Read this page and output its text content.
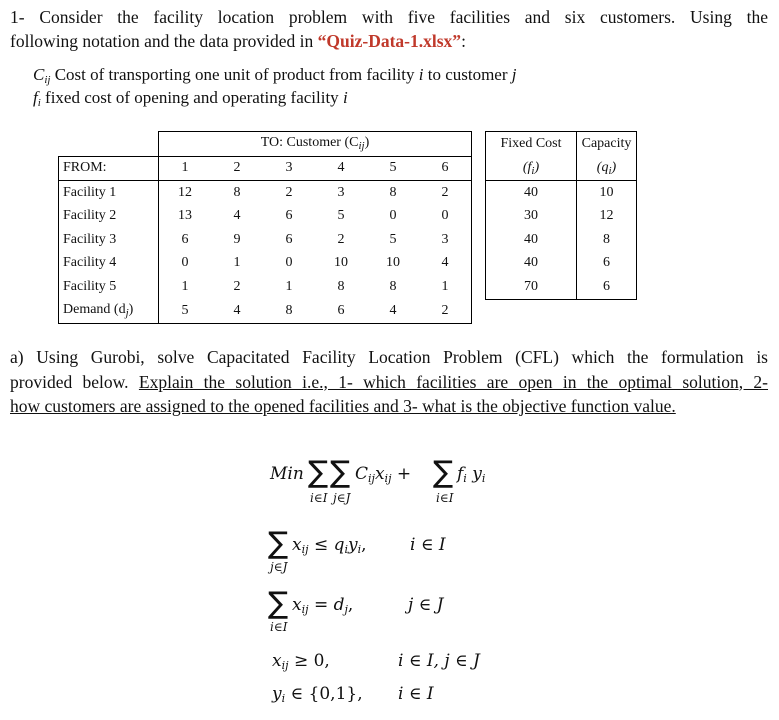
1- Consider the facility location problem with five facilities and six customers. Using the
following notation and the data provided in “Quiz-Data-1.xlsx”:
$C_{ij}$ Cost of transporting one unit of product from facility i to customer j
$f_i$ fixed cost of opening and operating facility i
	TO: Customer $(C_{ij})$							Fixed Cost	Capacity
FROM:	1	2	3	4	5	6		$(f_i)$	$(q_i)$
Facility 1	12	8	2	3	8	2		40	10
Facility 2	13	4	6	5	0	0		30	12
Facility 3	6	9	6	2	5	3		40	8
Facility 4	0	1	0	10	10	4		40	6
Facility 5	1	2	1	8	8	1		70	6
Demand $(d_j)$	5	4	8	6	4	2			
a) Using Gurobi, solve Capacitated Facility Location Problem (CFL) which the formulation is
provided below. Explain the solution i.e., 1- which facilities are open in the optimal solution, 2-
how customers are assigned to the opened facilities and 3- what is the objective function value.
Min ∑ ∑
i∈I j∈J
$C_{ij}x_{ij}$ + ∑
i∈I
$f_i$ $y_i$
∑
j∈J
$x_{ij} \le q_iy_i$,	i ∈ I
∑
i∈I
$x_{ij} = d_j$,	j ∈ J
$x_{ij} \ge 0$,	i ∈ I, j ∈ J
$y_i$ ∈ {0,1}, i ∈ I
